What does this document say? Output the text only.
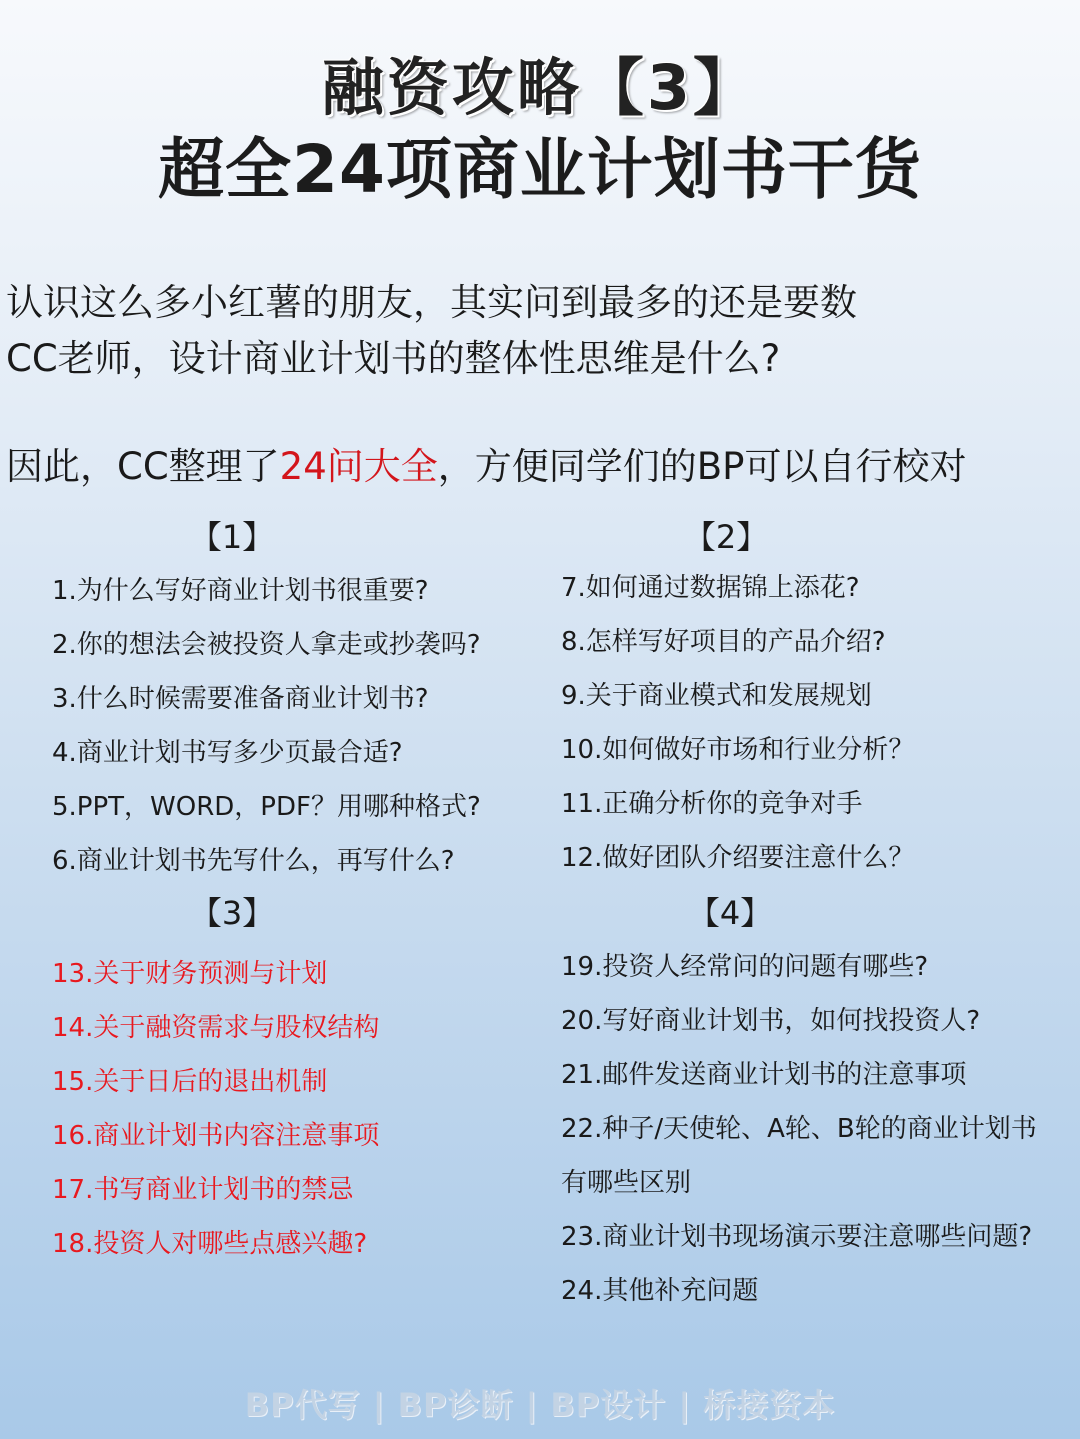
融资攻略【3】
超全24项商业计划书干货
认识这么多小红薯的朋友，其实问到最多的还是要数
CC老师，设计商业计划书的整体性思维是什么?
因此，CC整理了24问大全，方便同学们的BP可以自行校对
【1】
1.为什么写好商业计划书很重要?
2.你的想法会被投资人拿走或抄袭吗?
3.什么时候需要准备商业计划书?
4.商业计划书写多少页最合适?
5.PPT，WORD，PDF？用哪种格式?
6.商业计划书先写什么，再写什么?
【2】
7.如何通过数据锦上添花?
8.怎样写好项目的产品介绍?
9.关于商业模式和发展规划
10.如何做好市场和行业分析？
11.正确分析你的竞争对手
12.做好团队介绍要注意什么？
【3】
13.关于财务预测与计划
14.关于融资需求与股权结构
15.关于日后的退出机制
16.商业计划书内容注意事项
17.书写商业计划书的禁忌
18.投资人对哪些点感兴趣?
【4】
19.投资人经常问的问题有哪些?
20.写好商业计划书，如何找投资人?
21.邮件发送商业计划书的注意事项
22.种子/天使轮、A轮、B轮的商业计划书
有哪些区别
23.商业计划书现场演示要注意哪些问题?
24.其他补充问题
BP代写 | BP诊断 | BP设计 | 桥接资本
